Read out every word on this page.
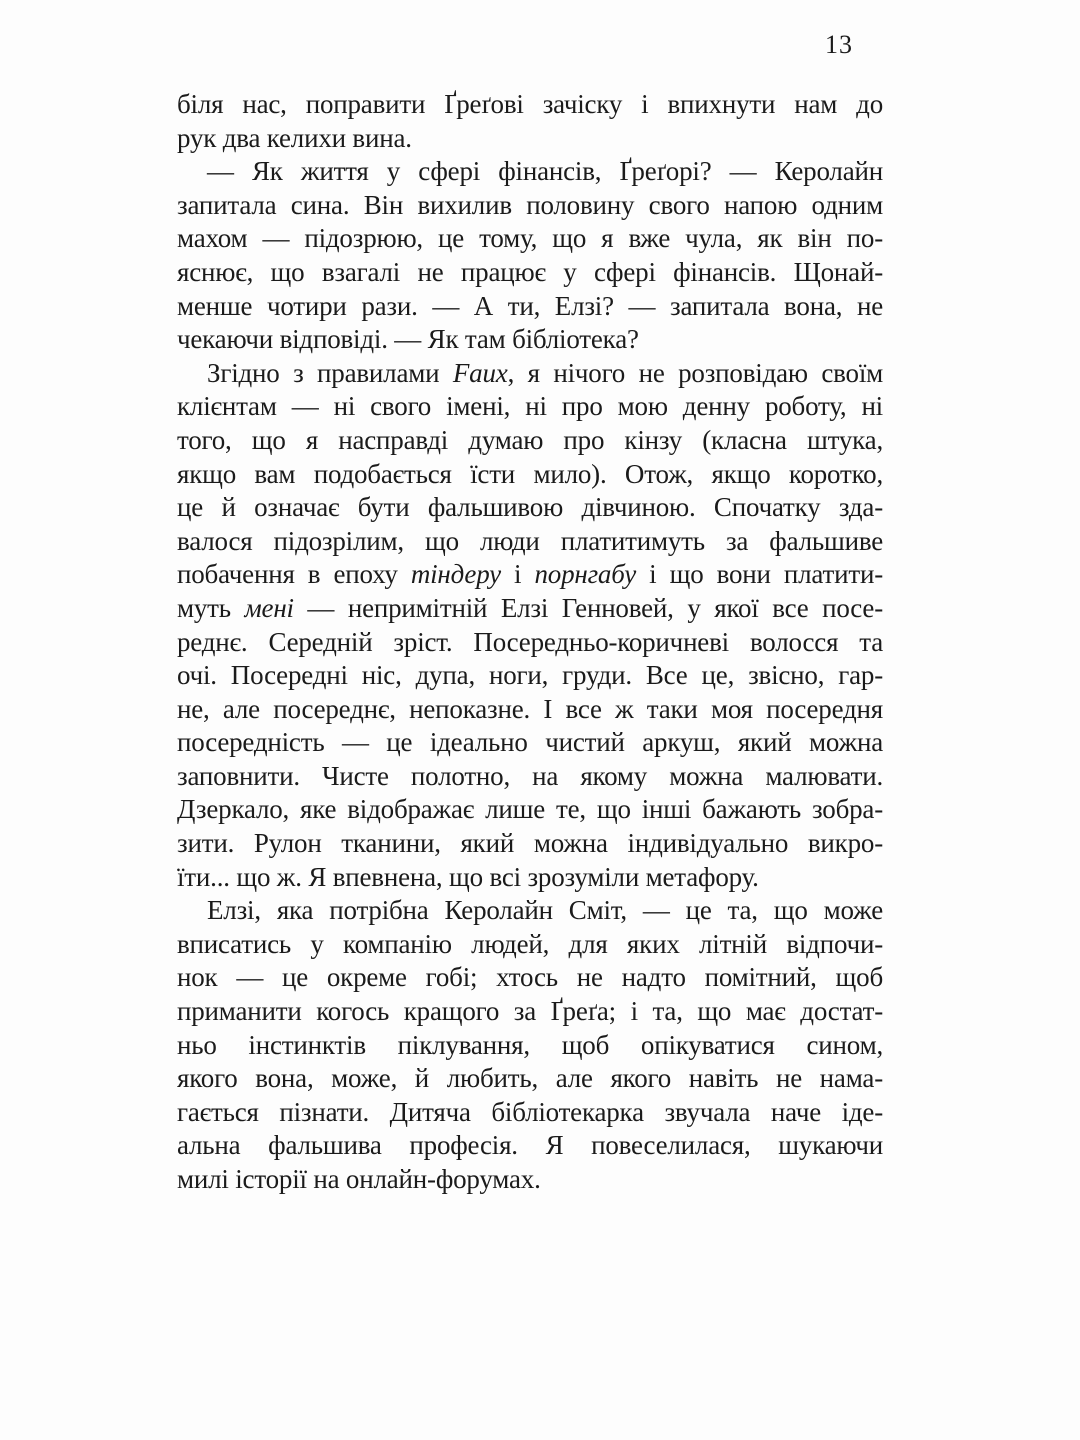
13
біля нас, поправити Ґреґові зачіску і впихнути нам до
рук два келихи вина.
— Як життя у сфері фінансів, Ґреґорі? — Керолайн
запитала сина. Він вихилив половину свого напою одним
махом — підозрюю, це тому, що я вже чула, як він по-
яснює, що взагалі не працює у сфері фінансів. Щонай-
менше чотири рази. — А ти, Елзі? — запитала вона, не
чекаючи відповіді. — Як там бібліотека?
Згідно з правилами Faux, я нічого не розповідаю своїм
клієнтам — ні свого імені, ні про мою денну роботу, ні
того, що я насправді думаю про кінзу (класна штука,
якщо вам подобається їсти мило). Отож, якщо коротко,
це й означає бути фальшивою дівчиною. Спочатку зда-
валося підозрілим, що люди платитимуть за фальшиве
побачення в епоху тіндеру і порнгабу і що вони платити-
муть мені — непримітній Елзі Генновей, у якої все посе-
реднє. Середній зріст. Посередньо-коричневі волосся та
очі. Посередні ніс, дупа, ноги, груди. Все це, звісно, гар-
не, але посереднє, непоказне. І все ж таки моя посередня
посередність — це ідеально чистий аркуш, який можна
заповнити. Чисте полотно, на якому можна малювати.
Дзеркало, яке відображає лише те, що інші бажають зобра-
зити. Рулон тканини, який можна індивідуально викро-
їти... що ж. Я впевнена, що всі зрозуміли метафору.
Елзі, яка потрібна Керолайн Сміт, — це та, що може
вписатись у компанію людей, для яких літній відпочи-
нок — це окреме гобі; хтось не надто помітний, щоб
приманити когось кращого за Ґреґа; і та, що має достат-
ньо інстинктів піклування, щоб опікуватися сином,
якого вона, може, й любить, але якого навіть не нама-
гається пізнати. Дитяча бібліотекарка звучала наче іде-
альна фальшива професія. Я повеселилася, шукаючи
милі історії на онлайн-форумах.
